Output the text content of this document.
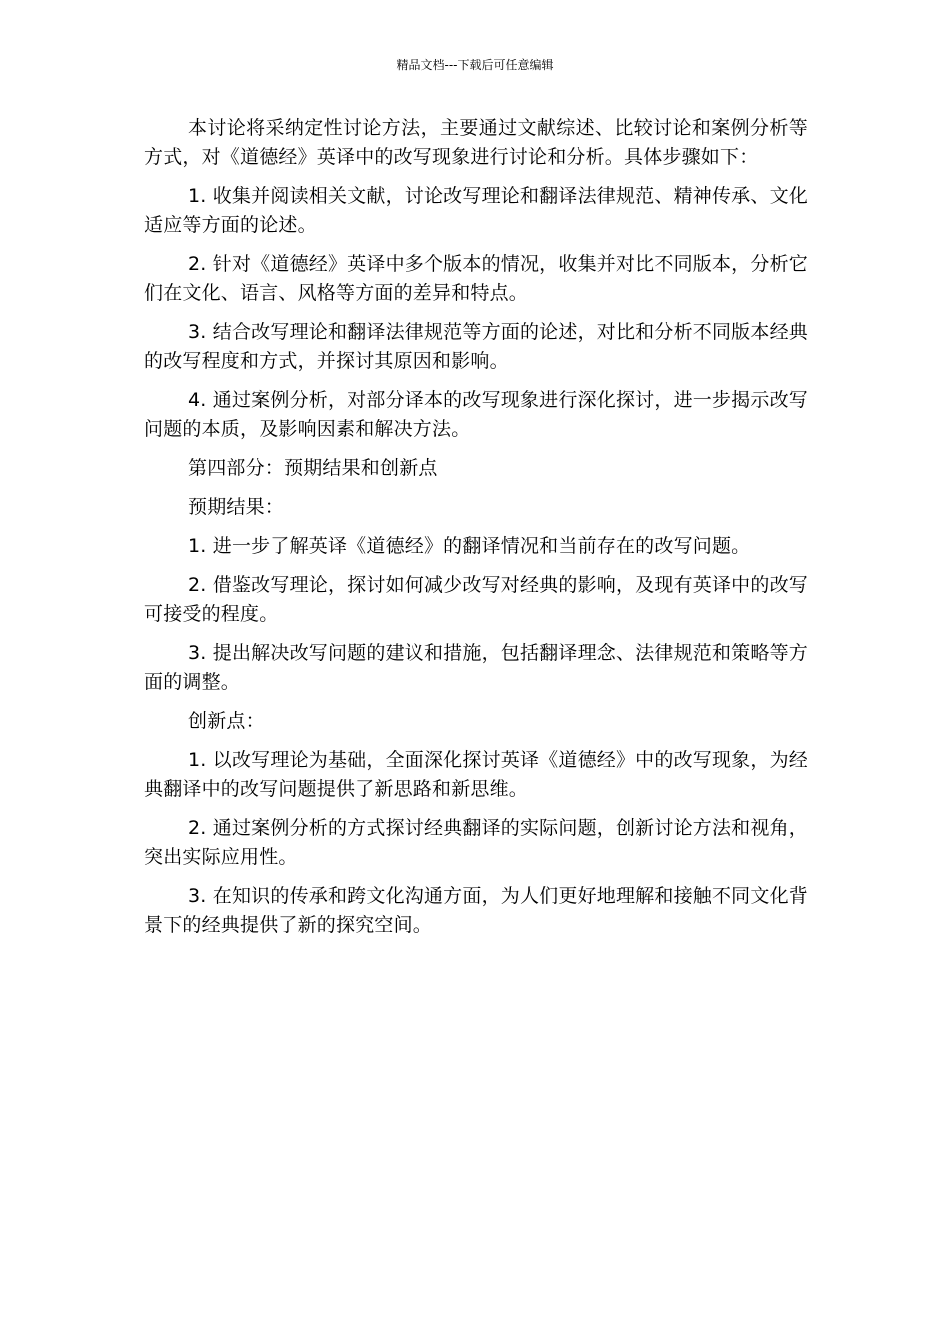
精品文档---下载后可任意编辑

本讨论将采纳定性讨论方法，主要通过文献综述、比较讨论和案例分析等方式，对《道德经》英译中的改写现象进行讨论和分析。具体步骤如下：

1. 收集并阅读相关文献，讨论改写理论和翻译法律规范、精神传承、文化适应等方面的论述。

2. 针对《道德经》英译中多个版本的情况，收集并对比不同版本，分析它们在文化、语言、风格等方面的差异和特点。

3. 结合改写理论和翻译法律规范等方面的论述，对比和分析不同版本经典的改写程度和方式，并探讨其原因和影响。

4. 通过案例分析，对部分译本的改写现象进行深化探讨，进一步揭示改写问题的本质，及影响因素和解决方法。

第四部分：预期结果和创新点

预期结果：

1. 进一步了解英译《道德经》的翻译情况和当前存在的改写问题。

2. 借鉴改写理论，探讨如何减少改写对经典的影响，及现有英译中的改写可接受的程度。

3. 提出解决改写问题的建议和措施，包括翻译理念、法律规范和策略等方面的调整。

创新点：

1. 以改写理论为基础，全面深化探讨英译《道德经》中的改写现象，为经典翻译中的改写问题提供了新思路和新思维。

2. 通过案例分析的方式探讨经典翻译的实际问题，创新讨论方法和视角，突出实际应用性。

3. 在知识的传承和跨文化沟通方面，为人们更好地理解和接触不同文化背景下的经典提供了新的探究空间。
